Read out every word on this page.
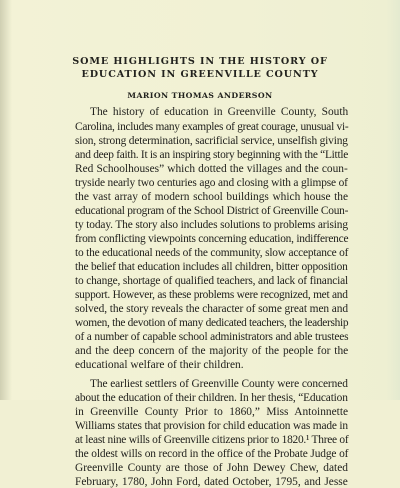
SOME HIGHLIGHTS IN THE HISTORY OF
EDUCATION IN GREENVILLE COUNTY
MARION THOMAS ANDERSON

The history of education in Greenville County, South

Carolina, includes many examples of great courage, unusual vi-

sion, strong determination, sacrificial service, unselfish giving

and deep faith. It is an inspiring story beginning with the “Little

Red Schoolhouses” which dotted the villages and the coun-

tryside nearly two centuries ago and closing with a glimpse of

the vast array of modern school buildings which house the

educational program of the School District of Greenville Coun-

ty today. The story also includes solutions to problems arising

from conflicting viewpoints concerning education, indifference

to the educational needs of the community, slow acceptance of

the belief that education includes all children, bitter opposition

to change, shortage of qualified teachers, and lack of financial

support. However, as these problems were recognized, met and

solved, the story reveals the character of some great men and

women, the devotion of many dedicated teachers, the leadership

of a number of capable school administrators and able trustees

and the deep concern of the majority of the people for the

educational welfare of their children.

The earliest settlers of Greenville County were concerned

about the education of their children. In her thesis, “Education

in Greenville County Prior to 1860,” Miss Antoinnette

Williams states that provision for child education was made in

at least nine wills of Greenville citizens prior to 1820.¹ Three of

the oldest wills on record in the office of the Probate Judge of

Greenville County are those of John Dewey Chew, dated

February, 1780, John Ford, dated October, 1795, and Jesse
